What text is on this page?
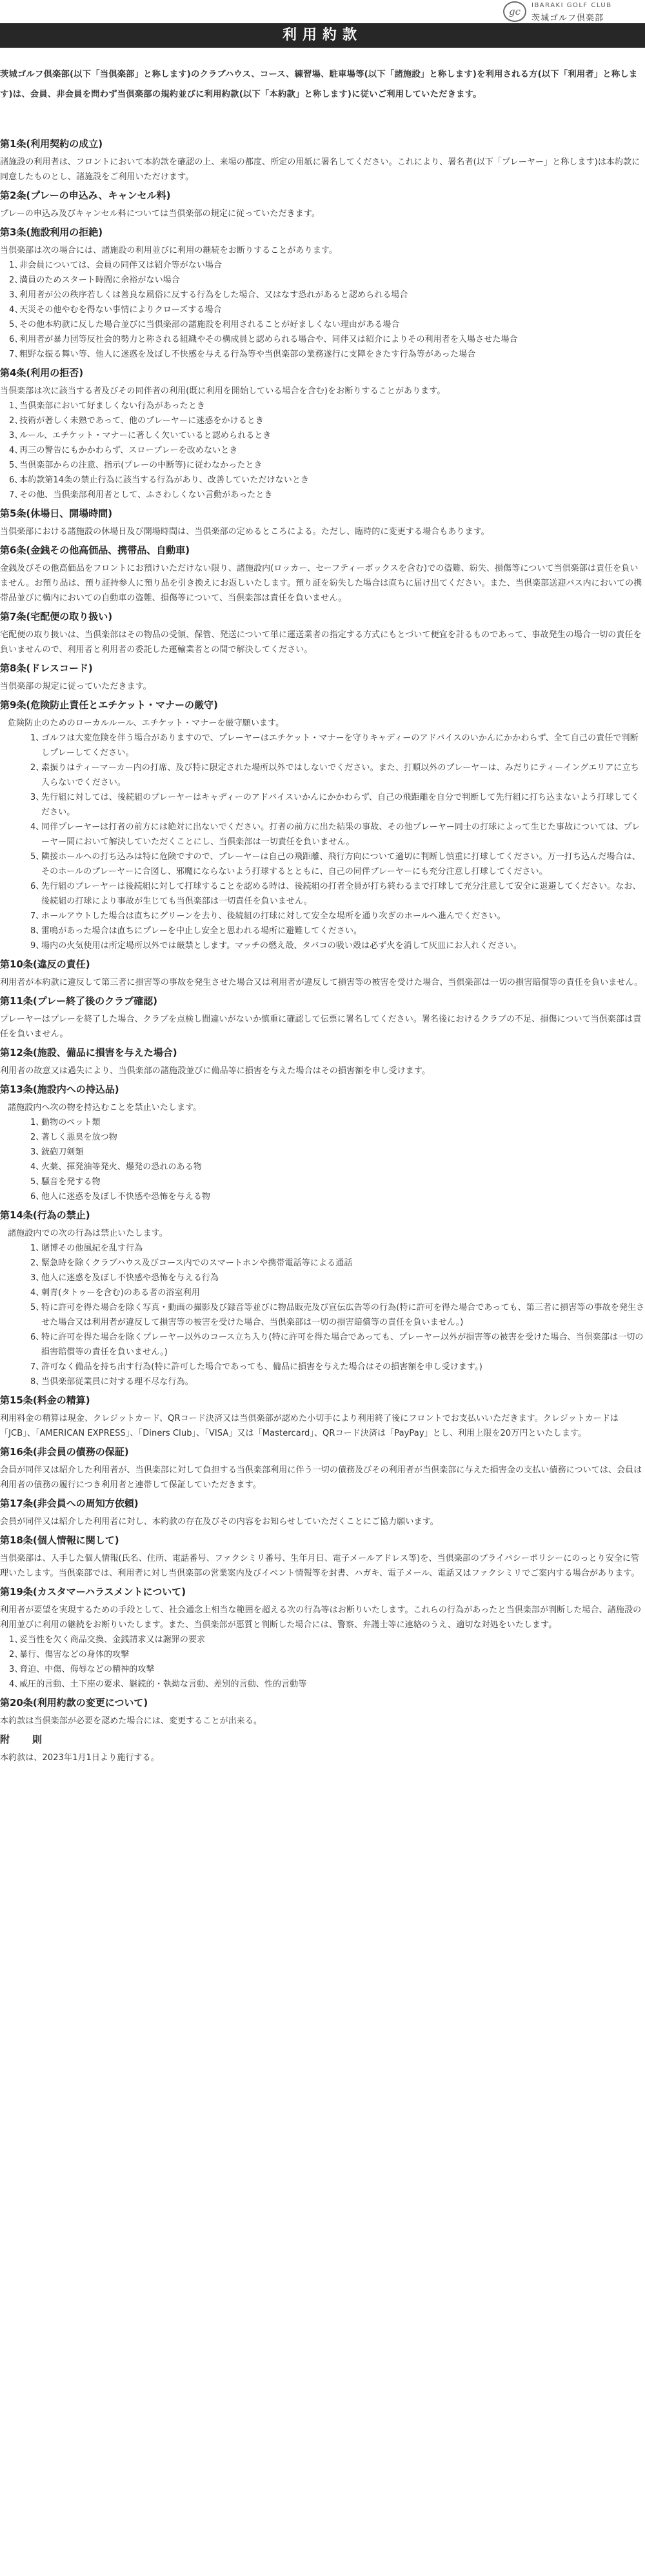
gc
IBARAKI GOLF CLUB
茨城ゴルフ倶楽部
利用約款

茨城ゴルフ倶楽部(以下「当倶楽部」と称します)のクラブハウス、コース、練習場、駐車場等(以下「諸施設」と称します)を利用される方(以下「利用者」と称します)は、会員、非会員を問わず当倶楽部の規約並びに利用約款(以下「本約款」と称します)に従いご利用していただきます。

第1条(利用契約の成立)

諸施設の利用者は、フロントにおいて本約款を確認の上、来場の都度、所定の用紙に署名してください。これにより、署名者(以下「プレーヤー」と称します)は本約款に同意したものとし、諸施設をご利用いただけます。

第2条(プレーの申込み、キャンセル料)

プレーの申込み及びキャンセル料については当倶楽部の規定に従っていただきます。

第3条(施設利用の拒絶)

当倶楽部は次の場合には、諸施設の利用並びに利用の継続をお断りすることがあります。

1、
非会員については、会員の同伴又は紹介等がない場合
2、
満員のためスタート時間に余裕がない場合
3、
利用者が公の秩序若しくは善良な風俗に反する行為をした場合、又はなす恐れがあると認められる場合
4、
天災その他やむを得ない事情によりクローズする場合
5、
その他本約款に反した場合並びに当倶楽部の諸施設を利用されることが好ましくない理由がある場合
6、
利用者が暴力団等反社会的勢力と称される組織やその構成員と認められる場合や、同伴又は紹介によりその利用者を入場させた場合
7、
粗野な振る舞い等、他人に迷惑を及ぼし不快感を与える行為等や当倶楽部の業務遂行に支障をきたす行為等があった場合
第4条(利用の拒否)

当倶楽部は次に該当する者及びその同伴者の利用(既に利用を開始している場合を含む)をお断りすることがあります。

1、
当倶楽部において好ましくない行為があったとき
2、
技術が著しく未熟であって、他のプレーヤーに迷惑をかけるとき
3、
ルール、エチケット・マナーに著しく欠いていると認められるとき
4、
再三の警告にもかかわらず、スロープレーを改めないとき
5、
当倶楽部からの注意、指示(プレーの中断等)に従わなかったとき
6、
本約款第14条の禁止行為に該当する行為があり、改善していただけないとき
7、
その他、当倶楽部利用者として、ふさわしくない言動があったとき
第5条(休場日、開場時間)

当倶楽部における諸施設の休場日及び開場時間は、当倶楽部の定めるところによる。ただし、臨時的に変更する場合もあります。

第6条(金銭その他高価品、携帯品、自動車)

金銭及びその他高価品をフロントにお預けいただけない限り、諸施設内(ロッカー、セーフティーボックスを含む)での盗難、紛失、損傷等について当倶楽部は責任を負いません。お預り品は、預り証持参人に預り品を引き換えにお返しいたします。預り証を紛失した場合は直ちに届け出てください。また、当倶楽部送迎バス内においての携帯品並びに構内においての自動車の盗難、損傷等について、当倶楽部は責任を負いません。

第7条(宅配便の取り扱い)

宅配便の取り扱いは、当倶楽部はその物品の受領、保管、発送について単に運送業者の指定する方式にもとづいて便宜を計るものであって、事故発生の場合一切の責任を負いませんので、利用者と利用者の委託した運輸業者との間で解決してください。

第8条(ドレスコード)

当倶楽部の規定に従っていただきます。

第9条(危険防止責任とエチケット・マナーの厳守)

危険防止のためのローカルルール、エチケット・マナーを厳守願います。

1、
ゴルフは大変危険を伴う場合がありますので、プレーヤーはエチケット・マナーを守りキャディーのアドバイスのいかんにかかわらず、全て自己の責任で判断しプレーしてください。
2、
素振りはティーマーカー内の打席、及び特に限定された場所以外ではしないでください。また、打順以外のプレーヤーは、みだりにティーイングエリアに立ち入らないでください。
3、
先行組に対しては、後続組のプレーヤーはキャディーのアドバイスいかんにかかわらず、自己の飛距離を自分で判断して先行組に打ち込まないよう打球してください。
4、
同伴プレーヤーは打者の前方には絶対に出ないでください。打者の前方に出た結果の事故、その他プレーヤー同士の打球によって生じた事故については、プレーヤー間において解決していただくことにし、当倶楽部は一切責任を負いません。
5、
隣接ホールへの打ち込みは特に危険ですので、プレーヤーは自己の飛距離、飛行方向について適切に判断し慎重に打球してください。万一打ち込んだ場合は、そのホールのプレーヤーに合図し、邪魔にならないよう打球するとともに、自己の同伴プレーヤーにも充分注意し打球してください。
6、
先行組のプレーヤーは後続組に対して打球することを認める時は、後続組の打者全員が打ち終わるまで打球して充分注意して安全に退避してください。なお、後続組の打球により事故が生じても当倶楽部は一切責任を負いません。
7、
ホールアウトした場合は直ちにグリーンを去り、後続組の打球に対して安全な場所を通り次ぎのホールへ進んでください。
8、
雷鳴があった場合は直ちにプレーを中止し安全と思われる場所に避難してください。
9、
場内の火気使用は所定場所以外では厳禁とします。マッチの燃え殻、タバコの吸い殻は必ず火を消して灰皿にお入れください。
第10条(違反の責任)

利用者が本約款に違反して第三者に損害等の事故を発生させた場合又は利用者が違反して損害等の被害を受けた場合、当倶楽部は一切の損害賠償等の責任を負いません。

第11条(プレー終了後のクラブ確認)

プレーヤーはプレーを終了した場合、クラブを点検し間違いがないか慎重に確認して伝票に署名してください。署名後におけるクラブの不足、損傷について当倶楽部は責任を負いません。

第12条(施設、備品に損害を与えた場合)

利用者の故意又は過失により、当倶楽部の諸施設並びに備品等に損害を与えた場合はその損害額を申し受けます。

第13条(施設内への持込品)

諸施設内へ次の物を持込むことを禁止いたします。

1、
動物のペット類
2、
著しく悪臭を放つ物
3、
銃砲刀剣類
4、
火薬、揮発油等発火、爆発の恐れのある物
5、
騒音を発する物
6、
他人に迷惑を及ぼし不快感や恐怖を与える物
第14条(行為の禁止)

諸施設内での次の行為は禁止いたします。

1、
賭博その他風紀を乱す行為
2、
緊急時を除くクラブハウス及びコース内でのスマートホンや携帯電話等による通話
3、
他人に迷惑を及ぼし不快感や恐怖を与える行為
4、
刺青(タトゥーを含む)のある者の浴室利用
5、
特に許可を得た場合を除く写真・動画の撮影及び録音等並びに物品販売及び宣伝広告等の行為(特に許可を得た場合であっても、第三者に損害等の事故を発生させた場合又は利用者が違反して損害等の被害を受けた場合、当倶楽部は一切の損害賠償等の責任を負いません。)
6、
特に許可を得た場合を除くプレーヤー以外のコース立ち入り(特に許可を得た場合であっても、プレーヤー以外が損害等の被害を受けた場合、当倶楽部は一切の損害賠償等の責任を負いません。)
7、
許可なく備品を持ち出す行為(特に許可した場合であっても、備品に損害を与えた場合はその損害額を申し受けます。)
8、
当倶楽部従業員に対する理不尽な行為。
第15条(料金の精算)

利用料金の精算は現金、クレジットカード、QRコード決済又は当倶楽部が認めた小切手により利用終了後にフロントでお支払いいただきます。クレジットカードは「JCB」、「AMERICAN EXPRESS」、「Diners Club」、「VISA」又は「Mastercard」、QRコード決済は「PayPay」とし、利用上限を20万円といたします。

第16条(非会員の債務の保証)

会員が同伴又は紹介した利用者が、当倶楽部に対して負担する当倶楽部利用に伴う一切の債務及びその利用者が当倶楽部に与えた損害金の支払い債務については、会員は利用者の債務の履行につき利用者と連帯して保証していただきます。

第17条(非会員への周知方依頼)

会員が同伴又は紹介した利用者に対し、本約款の存在及びその内容をお知らせしていただくことにご協力願います。

第18条(個人情報に関して)

当倶楽部は、入手した個人情報(氏名、住所、電話番号、ファクシミリ番号、生年月日、電子メールアドレス等)を、当倶楽部のプライバシーポリシーにのっとり安全に管理いたします。当倶楽部では、利用者に対し当倶楽部の営業案内及びイベント情報等を封書、ハガキ、電子メール、電話又はファクシミリでご案内する場合があります。

第19条(カスタマーハラスメントについて)

利用者が要望を実現するための手段として、社会通念上相当な範囲を超える次の行為等はお断りいたします。これらの行為があったと当倶楽部が判断した場合、諸施設の利用並びに利用の継続をお断りいたします。また、当倶楽部が悪質と判断した場合には、警察、弁護士等に連絡のうえ、適切な対処をいたします。

1、
妥当性を欠く商品交換、金銭請求又は謝罪の要求
2、
暴行、傷害などの身体的攻撃
3、
脅迫、中傷、侮辱などの精神的攻撃
4、
威圧的言動、土下座の要求、継続的・執拗な言動、差別的言動、性的言動等
第20条(利用約款の変更について)

本約款は当倶楽部が必要を認めた場合には、変更することが出来る。

附　則

本約款は、2023年1月1日より施行する。
